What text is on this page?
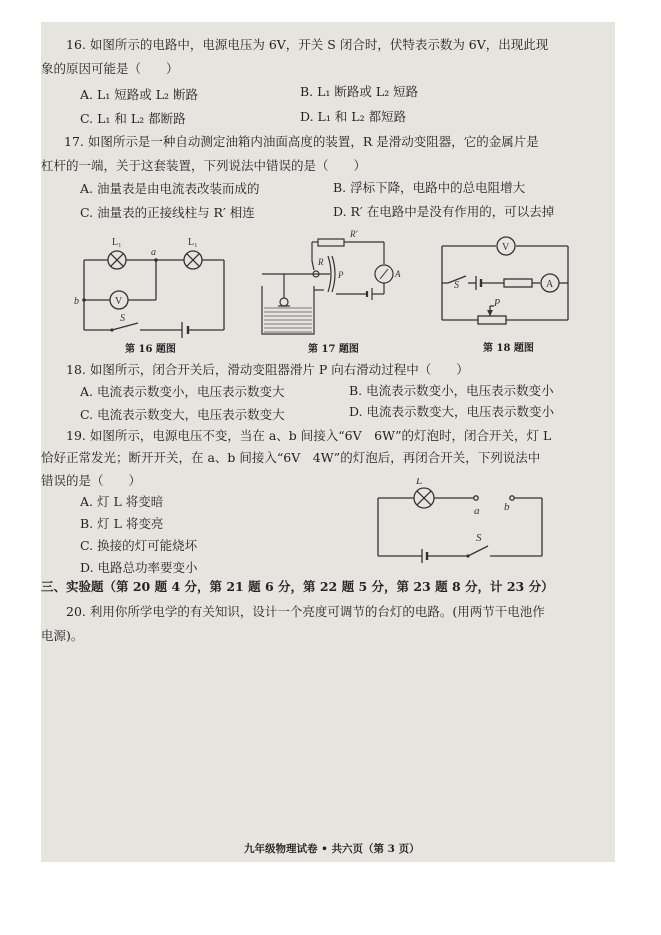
16. 如图所示的电路中，电源电压为 6V，开关 S 闭合时，伏特表示数为 6V，出现此现
象的原因可能是（　　）
A. L₁ 短路或 L₂ 断路	B. L₁ 断路或 L₂ 短路
C. L₁ 和 L₂ 都断路	D. L₁ 和 L₂ 都短路
17. 如图所示是一种自动测定油箱内油面高度的装置，R 是滑动变阻器，它的金属片是
杠杆的一端，关于这套装置，下列说法中错误的是（　　）
A. 油量表是由电流表改装而成的	B. 浮标下降，电路中的总电阻增大
C. 油量表的正接线柱与 R′ 相连	D. R′ 在电路中是没有作用的，可以去掉
L₁	L₁
a
b	V
S
第 16 题图
R′
R
P	A
第 17 题图
V
A
S
P
第 18 题图
18. 如图所示，闭合开关后，滑动变阻器滑片 P 向右滑动过程中（　　）
A. 电流表示数变小，电压表示数变大	B. 电流表示数变小，电压表示数变小
C. 电流表示数变大，电压表示数变大	D. 电流表示数变大，电压表示数变小
19. 如图所示，电源电压不变，当在 a、b 间接入“6V　6W”的灯泡时，闭合开关，灯 L
恰好正常发光；断开开关，在 a、b 间接入“6V　4W”的灯泡后，再闭合开关，下列说法中
错误的是（　　）
A. 灯 L 将变暗
B. 灯 L 将变亮
C. 换接的灯可能烧坏
D. 电路总功率要变小
L
a b
S
三、实验题（第 20 题 4 分，第 21 题 6 分，第 22 题 5 分，第 23 题 8 分，计 23 分）
20. 利用你所学电学的有关知识，设计一个亮度可调节的台灯的电路。(用两节干电池作
电源)。
九年级物理试卷 • 共六页（第 3 页）
